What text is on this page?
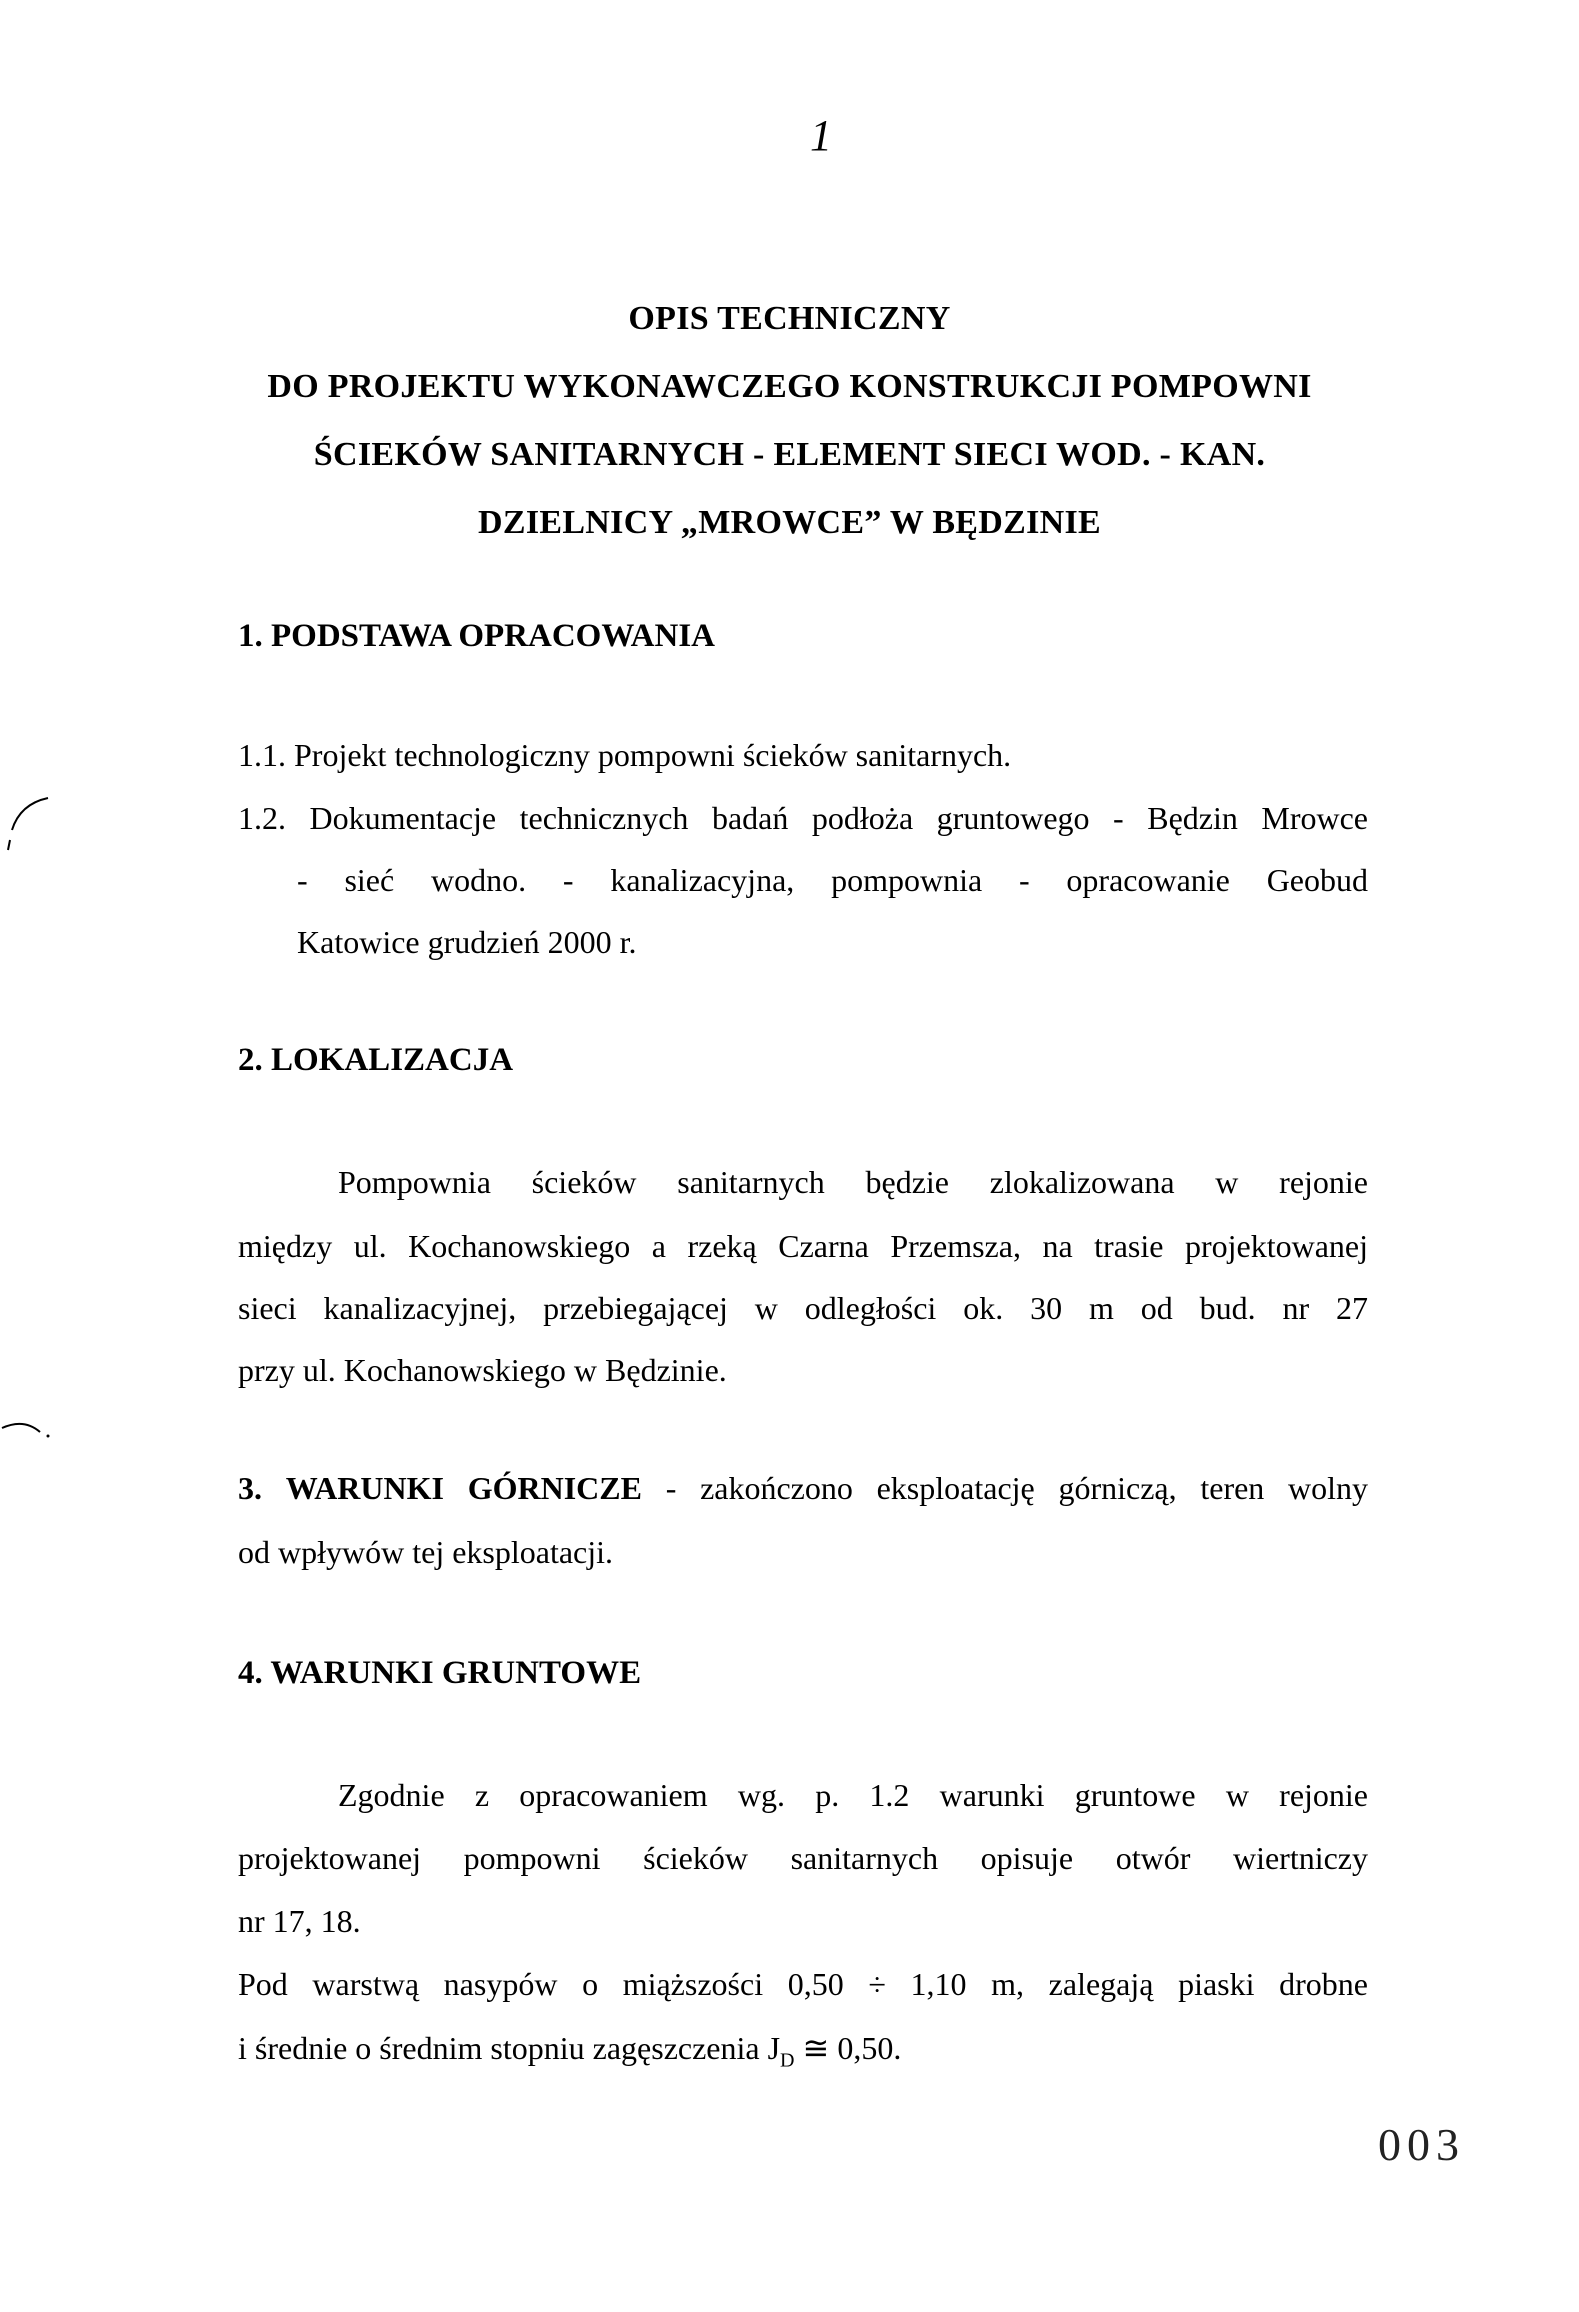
1
OPIS TECHNICZNY
DO PROJEKTU WYKONAWCZEGO KONSTRUKCJI POMPOWNI
ŚCIEKÓW SANITARNYCH - ELEMENT SIECI WOD. - KAN.
DZIELNICY „MROWCE” W BĘDZINIE
1. PODSTAWA OPRACOWANIA
1.1. Projekt technologiczny pompowni ścieków sanitarnych.
1.2. Dokumentacje technicznych badań podłoża gruntowego - Będzin Mrowce
- sieć wodno. - kanalizacyjna, pompownia - opracowanie Geobud
Katowice grudzień 2000 r.
2. LOKALIZACJA
Pompownia ścieków sanitarnych będzie zlokalizowana w rejonie
między ul. Kochanowskiego a rzeką Czarna Przemsza, na trasie projektowanej
sieci kanalizacyjnej, przebiegającej w odległości ok. 30 m od bud. nr 27
przy ul. Kochanowskiego w Będzinie.
3. WARUNKI GÓRNICZE - zakończono eksploatację górniczą, teren wolny
od wpływów tej eksploatacji.
4. WARUNKI GRUNTOWE
Zgodnie z opracowaniem wg. p. 1.2 warunki gruntowe w rejonie
projektowanej pompowni ścieków sanitarnych opisuje otwór wiertniczy
nr 17, 18.
Pod warstwą nasypów o miąższości 0,50 ÷ 1,10 m, zalegają piaski drobne
i średnie o średnim stopniu zagęszczenia $J_D$ ≅ 0,50.
003
